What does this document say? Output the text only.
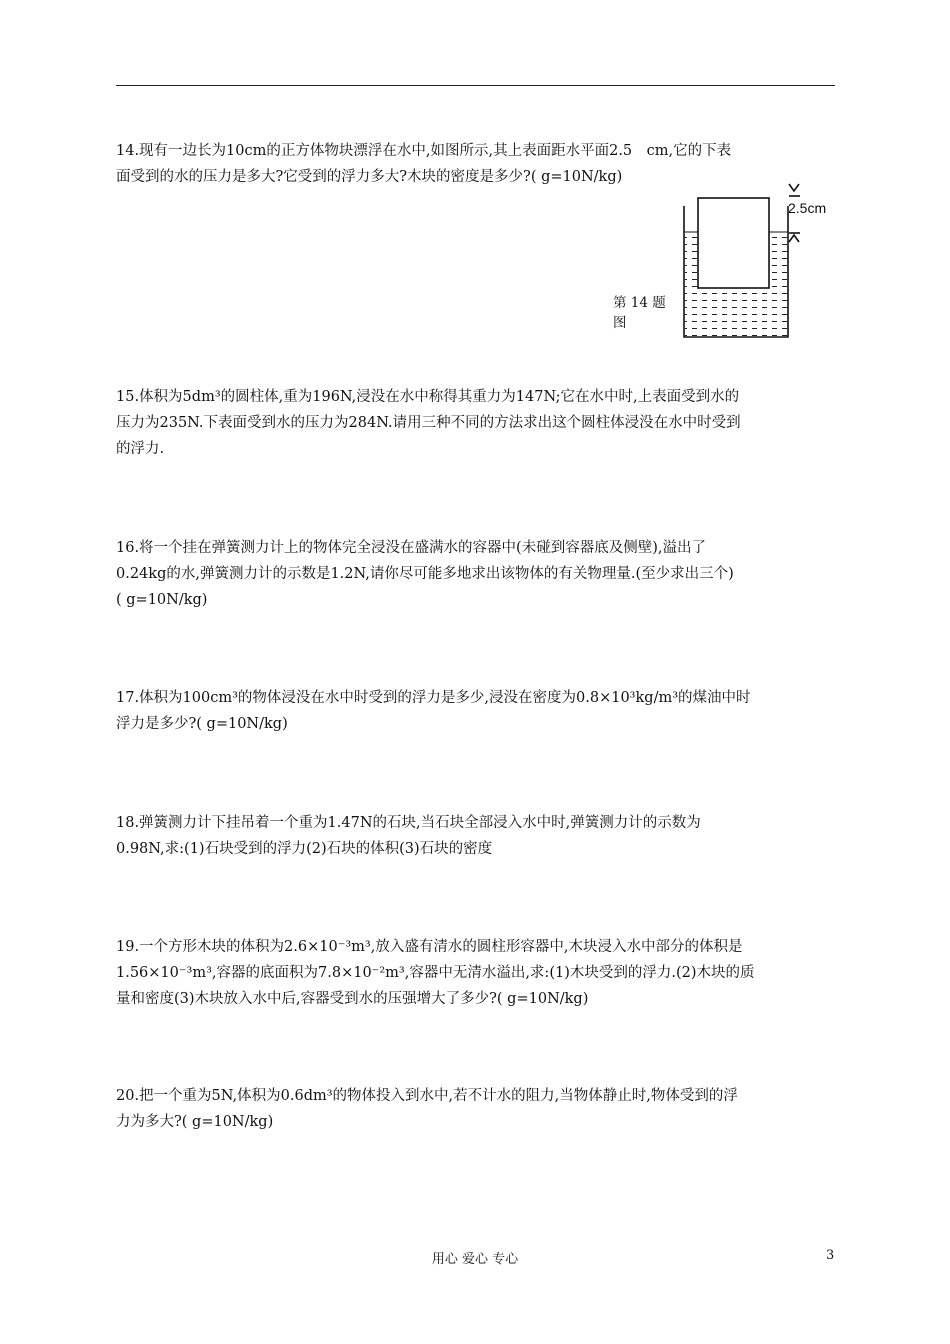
14.现有一边长为10cm的正方体物块漂浮在水中,如图所示,其上表面距水平面2.5　cm,它的下表
面受到的水的压力是多大?它受到的浮力多大?木块的密度是多少?( g=10N/kg)
2.5cm
第 14 题
图
15.体积为5dm³的圆柱体,重为196N,浸没在水中称得其重力为147N;它在水中时,上表面受到水的
压力为235N.下表面受到水的压力为284N.请用三种不同的方法求出这个圆柱体浸没在水中时受到
的浮力.
16.将一个挂在弹簧测力计上的物体完全浸没在盛满水的容器中(未碰到容器底及侧壁),溢出了
0.24kg的水,弹簧测力计的示数是1.2N,请你尽可能多地求出该物体的有关物理量.(至少求出三个)
( g=10N/kg)
17.体积为100cm³的物体浸没在水中时受到的浮力是多少,浸没在密度为0.8×10³kg/m³的煤油中时
浮力是多少?( g=10N/kg)
18.弹簧测力计下挂吊着一个重为1.47N的石块,当石块全部浸入水中时,弹簧测力计的示数为
0.98N,求:(1)石块受到的浮力(2)石块的体积(3)石块的密度
19.一个方形木块的体积为2.6×10⁻³m³,放入盛有清水的圆柱形容器中,木块浸入水中部分的体积是
1.56×10⁻³m³,容器的底面积为7.8×10⁻²m³,容器中无清水溢出,求:(1)木块受到的浮力.(2)木块的质
量和密度(3)木块放入水中后,容器受到水的压强增大了多少?( g=10N/kg)
20.把一个重为5N,体积为0.6dm³的物体投入到水中,若不计水的阻力,当物体静止时,物体受到的浮
力为多大?( g=10N/kg)
用心 爱心 专心	3
